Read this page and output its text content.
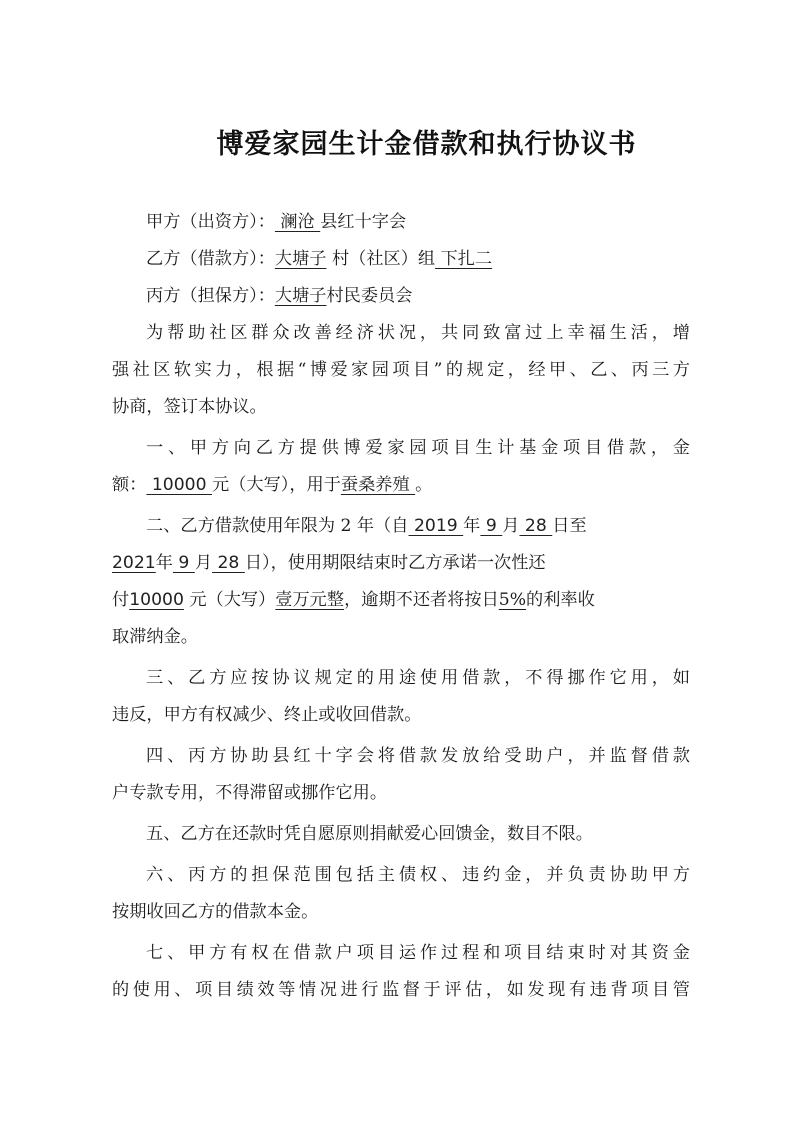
博爱家园生计金借款和执行协议书
甲方（出资方）： 澜沧 县红十字会
乙方（借款方）：大塘子 村（社区）组 下扎二
丙方（担保方）：大塘子村民委员会
为帮助社区群众改善经济状况，共同致富过上幸福生活，增
强社区软实力，根据“博爱家园项目”的规定，经甲、乙、丙三方
协商，签订本协议。
一、甲方向乙方提供博爱家园项目生计基金项目借款，金
额： 10000 元（大写），用于蚕桑养殖 。
二、乙方借款使用年限为 2 年（自 2019 年 9 月 28 日至
2021年 9 月 28 日），使用期限结束时乙方承诺一次性还
付10000 元（大写）壹万元整，逾期不还者将按日5%的利率收
取滞纳金。
三、乙方应按协议规定的用途使用借款，不得挪作它用，如
违反，甲方有权减少、终止或收回借款。
四、丙方协助县红十字会将借款发放给受助户，并监督借款
户专款专用，不得滞留或挪作它用。
五、乙方在还款时凭自愿原则捐献爱心回馈金，数目不限。
六、丙方的担保范围包括主债权、违约金，并负责协助甲方
按期收回乙方的借款本金。
七、甲方有权在借款户项目运作过程和项目结束时对其资金
的使用、项目绩效等情况进行监督于评估，如发现有违背项目管
